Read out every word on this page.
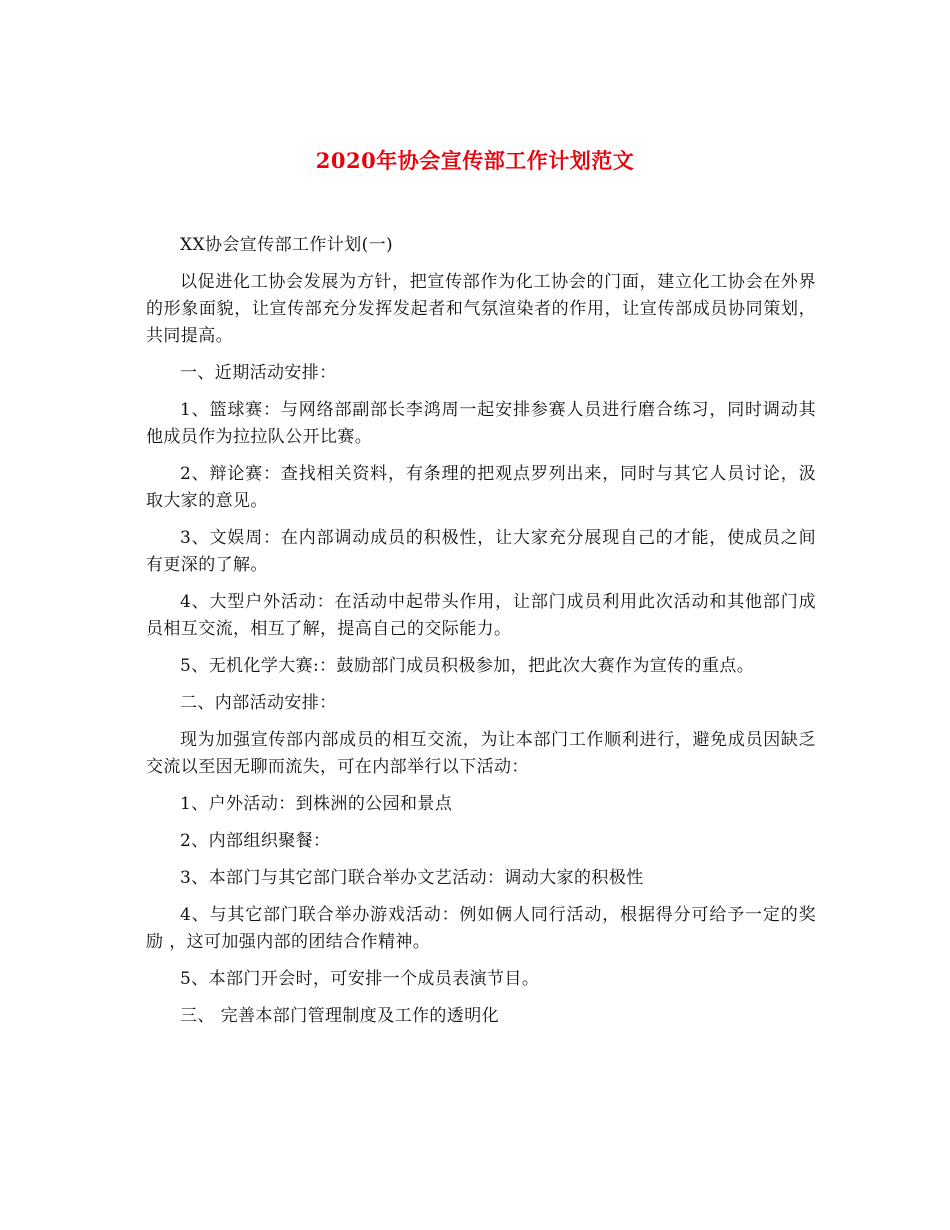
2020年协会宣传部工作计划范文

XX协会宣传部工作计划(一)

以促进化工协会发展为方针，把宣传部作为化工协会的门面，建立化工协会在外界的形象面貌，让宣传部充分发挥发起者和气氛渲染者的作用，让宣传部成员协同策划，共同提高。

一、近期活动安排：

1、篮球赛：与网络部副部长李鸿周一起安排参赛人员进行磨合练习，同时调动其他成员作为拉拉队公开比赛。

2、辩论赛：查找相关资料，有条理的把观点罗列出来，同时与其它人员讨论，汲取大家的意见。

3、文娱周：在内部调动成员的积极性，让大家充分展现自己的才能，使成员之间有更深的了解。

4、大型户外活动：在活动中起带头作用，让部门成员利用此次活动和其他部门成员相互交流，相互了解，提高自己的交际能力。

5、无机化学大赛:：鼓励部门成员积极参加，把此次大赛作为宣传的重点。

二、内部活动安排：

现为加强宣传部内部成员的相互交流，为让本部门工作顺利进行，避免成员因缺乏交流以至因无聊而流失，可在内部举行以下活动：

1、户外活动：到株洲的公园和景点

2、内部组织聚餐：

3、本部门与其它部门联合举办文艺活动：调动大家的积极性

4、与其它部门联合举办游戏活动：例如俩人同行活动，根据得分可给予一定的奖励 ，这可加强内部的团结合作精神。

5、本部门开会时，可安排一个成员表演节目。

三、 完善本部门管理制度及工作的透明化
